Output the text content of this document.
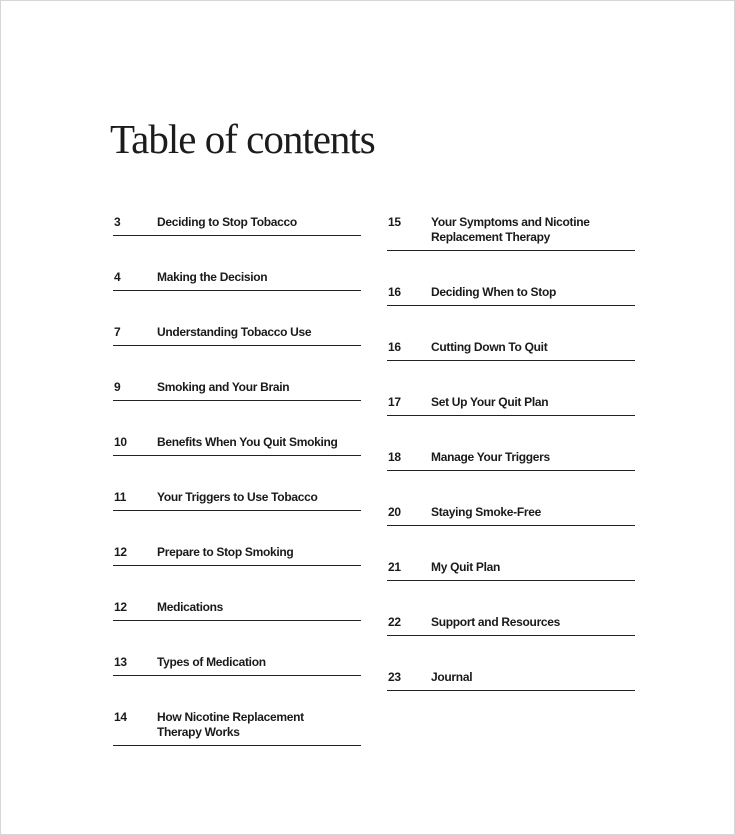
Table of contents
3	Deciding to Stop Tobacco
4	Making the Decision
7	Understanding Tobacco Use
9	Smoking and Your Brain
10	Benefits When You Quit Smoking
11	Your Triggers to Use Tobacco
12	Prepare to Stop Smoking
12	Medications
13	Types of Medication
14	How Nicotine Replacement
Therapy Works
15	Your Symptoms and Nicotine
Replacement Therapy
16	Deciding When to Stop
16	Cutting Down To Quit
17	Set Up Your Quit Plan
18	Manage Your Triggers
20	Staying Smoke-Free
21	My Quit Plan
22	Support and Resources
23	Journal
